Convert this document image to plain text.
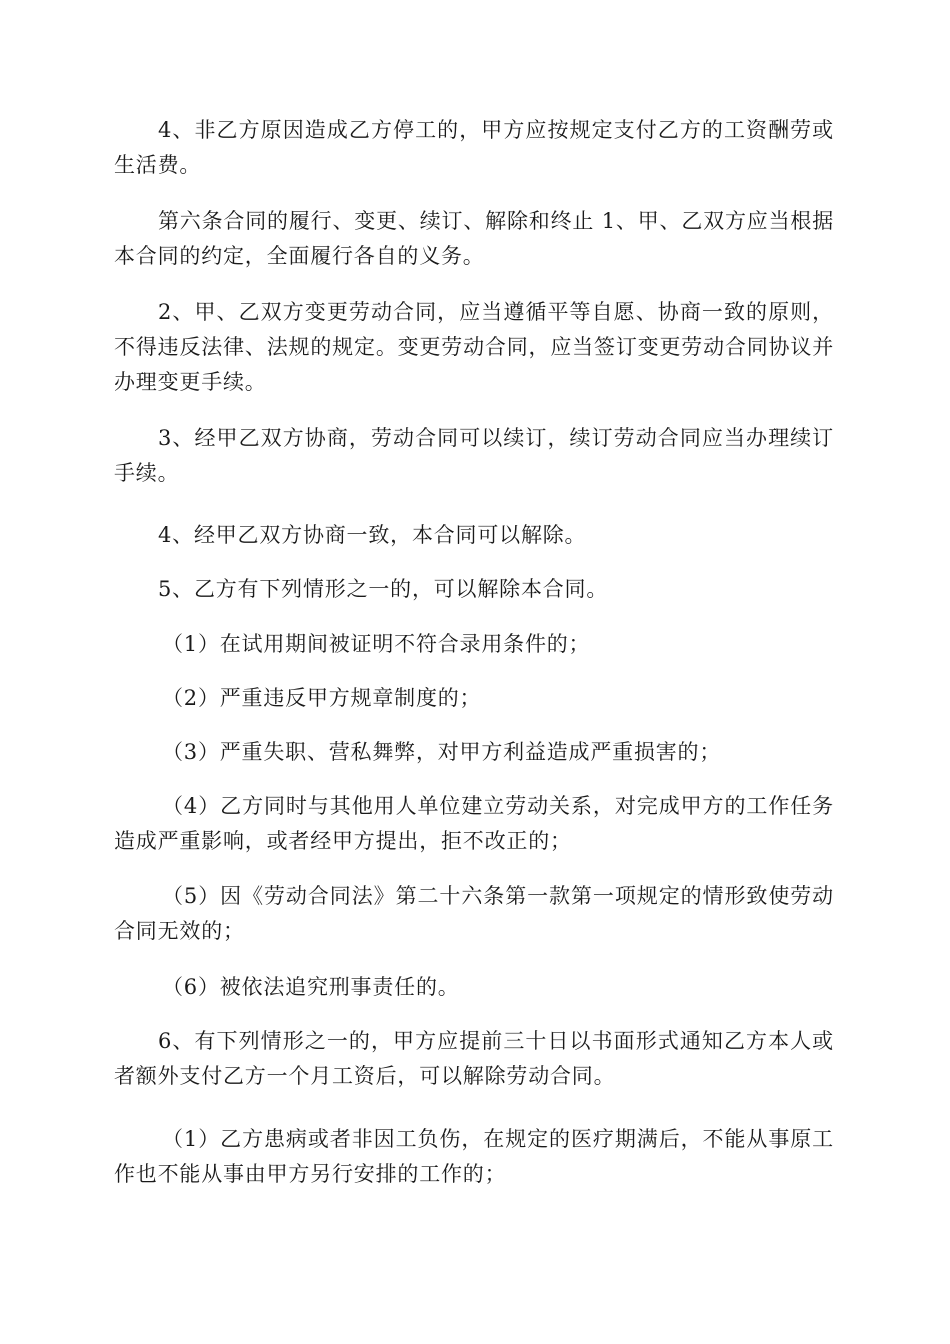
4、非乙方原因造成乙方停工的，甲方应按规定支付乙方的工资酬劳或生活费。

第六条合同的履行、变更、续订、解除和终止 1、甲、乙双方应当根据本合同的约定，全面履行各自的义务。

2、甲、乙双方变更劳动合同，应当遵循平等自愿、协商一致的原则，不得违反法律、法规的规定。变更劳动合同，应当签订变更劳动合同协议并办理变更手续。

3、经甲乙双方协商，劳动合同可以续订，续订劳动合同应当办理续订手续。

4、经甲乙双方协商一致，本合同可以解除。

5、乙方有下列情形之一的，可以解除本合同。

（1）在试用期间被证明不符合录用条件的；

（2）严重违反甲方规章制度的；

（3）严重失职、营私舞弊，对甲方利益造成严重损害的；

（4）乙方同时与其他用人单位建立劳动关系，对完成甲方的工作任务造成严重影响，或者经甲方提出，拒不改正的；

（5）因《劳动合同法》第二十六条第一款第一项规定的情形致使劳动合同无效的；

（6）被依法追究刑事责任的。

6、有下列情形之一的，甲方应提前三十日以书面形式通知乙方本人或者额外支付乙方一个月工资后，可以解除劳动合同。

（1）乙方患病或者非因工负伤，在规定的医疗期满后，不能从事原工作也不能从事由甲方另行安排的工作的；
